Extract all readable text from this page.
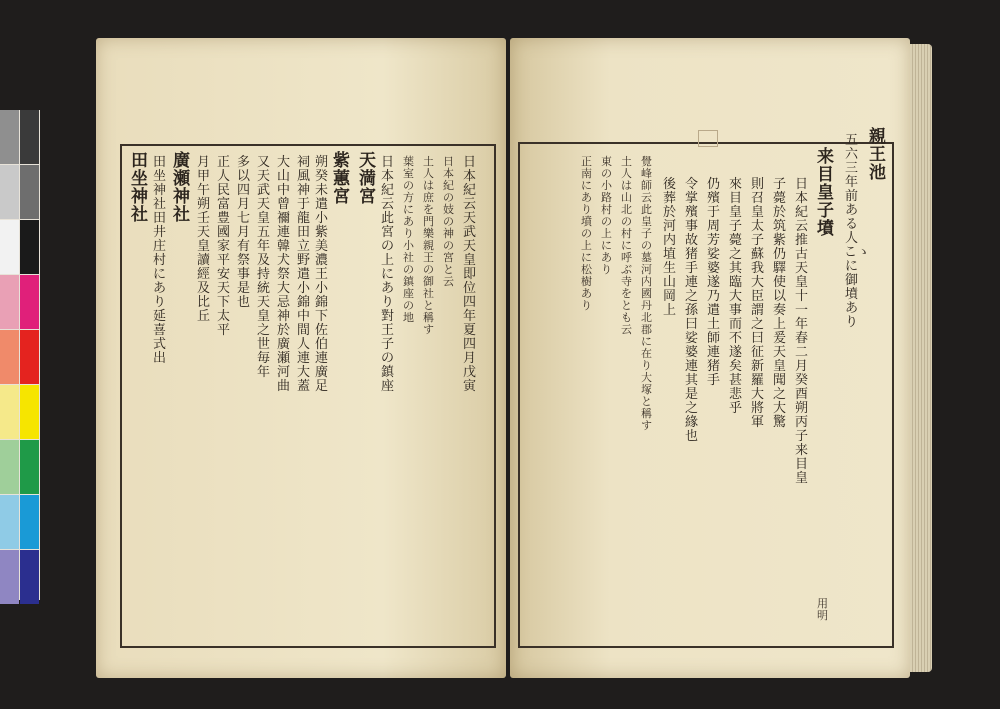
田坐神社
廣瀬神社
紫蕙宮
天満宮
田坐神社 田井庄村にあり 延喜式出
月甲午朔壬天皇讀經及比丘
正人民富豊國家平安天下太平
多以四月七月有祭事是也
又天武天皇五年及持統天皇之世毎年
大山中曾禰連韓犬祭大忌神於廣瀬河曲
祠風神于龍田立野遣小錦中間人連大蓋
朔癸未遣小紫美濃王小錦下佐伯連廣足
日本紀云此宮の上にあり對王子の鎮座
葉室の方にあり小社の鎮座の地
土人は庶を門樂親王の御社と稱す
日本紀の妓の神の宮と云
日本紀云天武天皇即位四年夏四月戊寅

親王池
来目皇子墳
用明
五六三年前ある人こゝに御墳あり
日本紀云推古天皇十一年春二月癸酉朔丙子来目皇
子薨於筑紫仍驛使以奏上爰天皇聞之大驚
則召皇太子蘇我大臣謂之曰征新羅大將軍
來目皇子薨之其臨大事而不遂矣甚悲乎
仍殯于周芳娑婆遂乃遣土師連猪手
令掌殯事故猪手連之孫曰娑婆連其是之緣也
後葬於河内埴生山岡上
覺峰師云此皇子の墓河内國丹北郡に在り大塚と稱す
土人は山北の村に呼ぶ寺をとも云
東の小路村の上にあり
正南にあり墳の上に松樹あり
